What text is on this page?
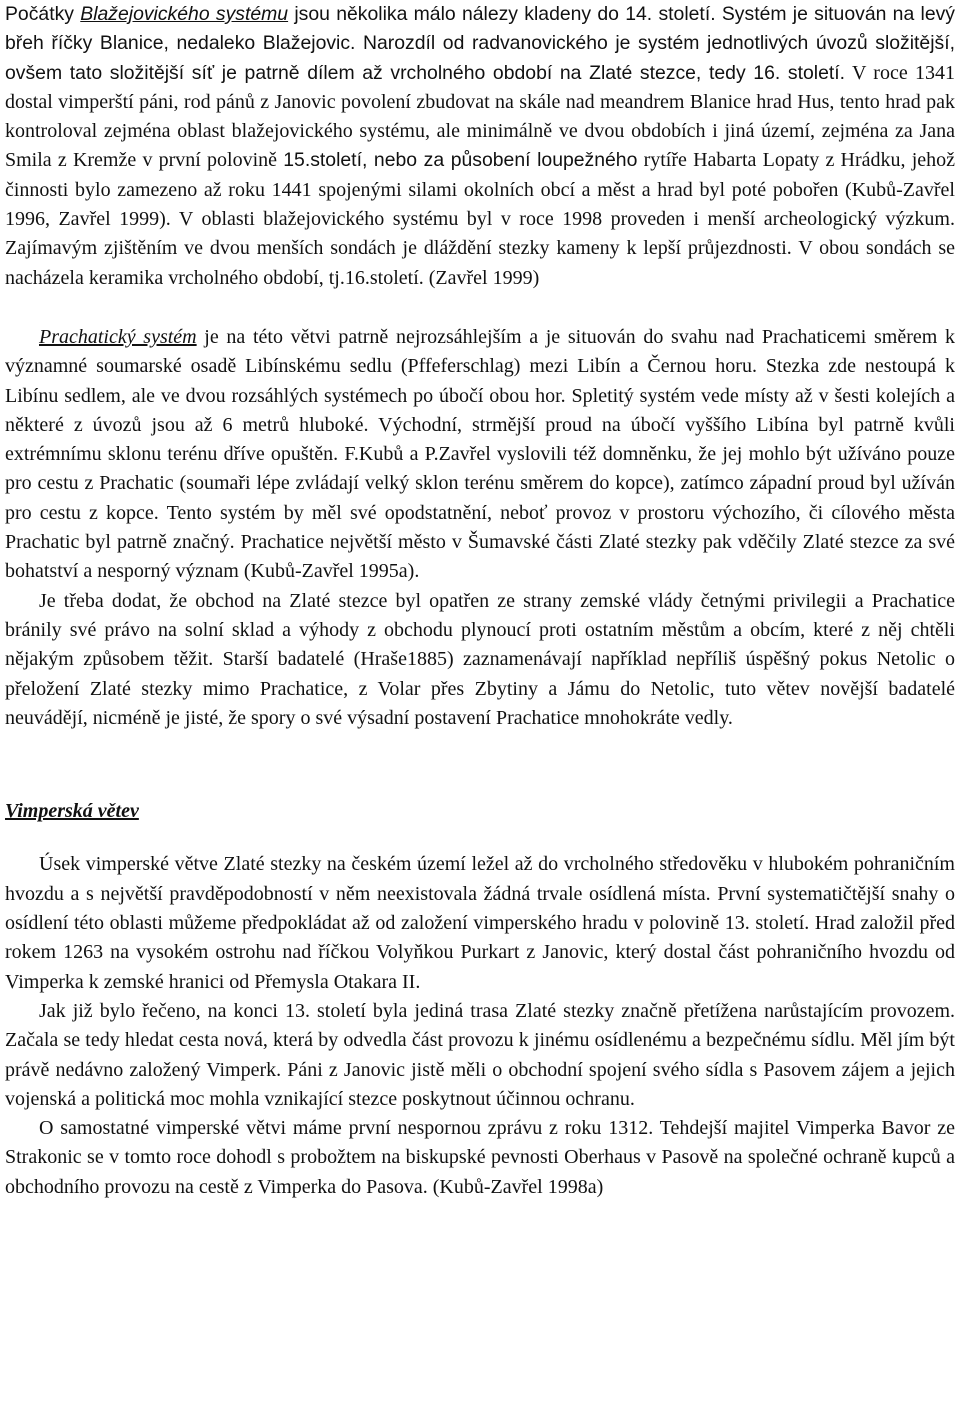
Počátky Blažejovického systému jsou několika málo nálezy kladeny do 14. století. Systém je situován na levý břeh říčky Blanice, nedaleko Blažejovic. Narozdíl od radvanovického je systém jednotlivých úvozů složitější, ovšem tato složitější síť je patrně dílem až vrcholného období na Zlaté stezce, tedy 16. století. V roce 1341 dostal vimperští páni, rod pánů z Janovic povolení zbudovat na skále nad meandrem Blanice hrad Hus, tento hrad pak kontroloval zejména oblast blažejovického systému, ale minimálně ve dvou obdobích i jiná území, zejména za Jana Smila z Kremže v první polovině 15.století, nebo za působení loupežného rytíře Habarta Lopaty z Hrádku, jehož činnosti bylo zamezeno až roku 1441 spojenými silami okolních obcí a měst a hrad byl poté pobořen (Kubů-Zavřel 1996, Zavřel 1999). V oblasti blažejovického systému byl v roce 1998 proveden i menší archeologický výzkum. Zajímavým zjištěním ve dvou menších sondách je dláždění stezky kameny k lepší průjezdnosti. V obou sondách se nacházela keramika vrcholného období, tj.16.století. (Zavřel 1999)

Prachatický systém je na této větvi patrně nejrozsáhlejším a je situován do svahu nad Prachaticemi směrem k významné soumarské osadě Libínskému sedlu (Pffeferschlag) mezi Libín a Černou horu. Stezka zde nestoupá k Libínu sedlem, ale ve dvou rozsáhlých systémech po úbočí obou hor. Spletitý systém vede místy až v šesti kolejích a některé z úvozů jsou až 6 metrů hluboké. Východní, strmější proud na úbočí vyššího Libína byl patrně kvůli extrémnímu sklonu terénu dříve opuštěn. F.Kubů a P.Zavřel vyslovili též domněnku, že jej mohlo být užíváno pouze pro cestu z Prachatic (soumaři lépe zvládají velký sklon terénu směrem do kopce), zatímco západní proud byl užíván pro cestu z kopce. Tento systém by měl své opodstatnění, neboť provoz v prostoru výchozího, či cílového města Prachatic byl patrně značný. Prachatice největší město v Šumavské části Zlaté stezky pak vděčily Zlaté stezce za své bohatství a nesporný význam (Kubů-Zavřel 1995a).

Je třeba dodat, že obchod na Zlaté stezce byl opatřen ze strany zemské vlády četnými privilegii a Prachatice bránily své právo na solní sklad a výhody z obchodu plynoucí proti ostatním městům a obcím, které z něj chtěli nějakým způsobem těžit. Starší badatelé (Hraše1885) zaznamenávají například nepříliš úspěšný pokus Netolic o přeložení Zlaté stezky mimo Prachatice, z Volar přes Zbytiny a Jámu do Netolic, tuto větev novější badatelé neuvádějí, nicméně je jisté, že spory o své výsadní postavení Prachatice mnohokráte vedly.

Vimperská větev

Úsek vimperské větve Zlaté stezky na českém území ležel až do vrcholného středověku v hlubokém pohraničním hvozdu a s největší pravděpodobností v něm neexistovala žádná trvale osídlená místa. První systematičtější snahy o osídlení této oblasti můžeme předpokládat až od založení vimperského hradu v polovině 13. století. Hrad založil před rokem 1263 na vysokém ostrohu nad říčkou Volyňkou Purkart z Janovic, který dostal část pohraničního hvozdu od Vimperka k zemské hranici od Přemysla Otakara II.

Jak již bylo řečeno, na konci 13. století byla jediná trasa Zlaté stezky značně přetížena narůstajícím provozem. Začala se tedy hledat cesta nová, která by odvedla část provozu k jinému osídlenému a bezpečnému sídlu. Měl jím být právě nedávno založený Vimperk. Páni z Janovic jistě měli o obchodní spojení svého sídla s Pasovem zájem a jejich vojenská a politická moc mohla vznikající stezce poskytnout účinnou ochranu.

O samostatné vimperské větvi máme první nespornou zprávu z roku 1312. Tehdejší majitel Vimperka Bavor ze Strakonic se v tomto roce dohodl s probožtem na biskupské pevnosti Oberhaus v Pasově na společné ochraně kupců a obchodního provozu na cestě z Vimperka do Pasova. (Kubů-Zavřel 1998a)
